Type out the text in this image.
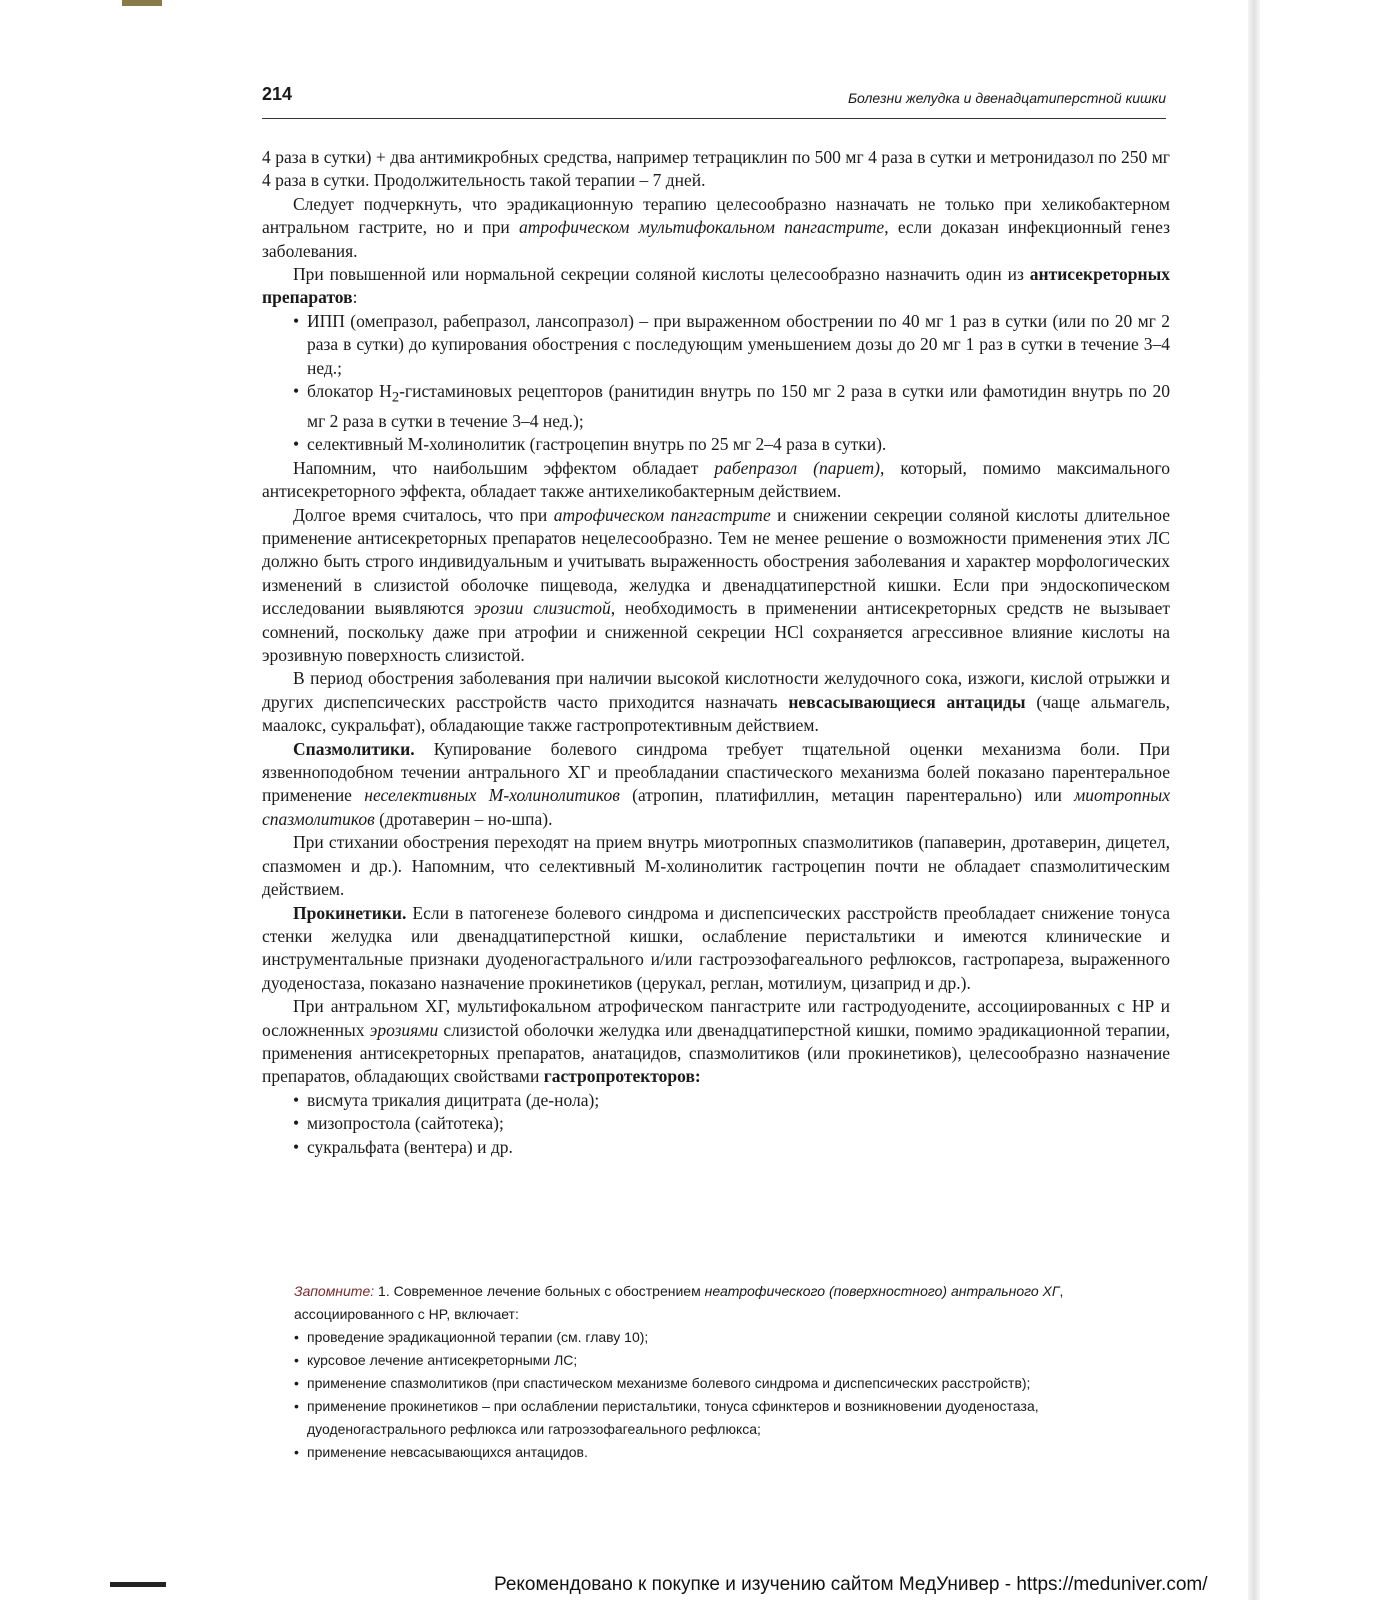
214	Болезни желудка и двенадцатиперстной кишки

4 раза в сутки) + два антимикробных средства, например тетрациклин по 500 мг 4 раза в сутки и метронидазол по 250 мг 4 раза в сутки. Продолжительность такой терапии – 7 дней.

Следует подчеркнуть, что эрадикационную терапию целесообразно назначать не только при хеликобактерном антральном гастрите, но и при атрофическом мультифокальном пангастрите, если доказан инфекционный генез заболевания.

При повышенной или нормальной секреции соляной кислоты целесообразно назначить один из антисекреторных препаратов:

• ИПП (омепразол, рабепразол, лансопразол) – при выраженном обострении по 40 мг 1 раз в сутки (или по 20 мг 2 раза в сутки) до купирования обострения с последующим уменьшением дозы до 20 мг 1 раз в сутки в течение 3–4 нед.;
• блокатор $H_2$-гистаминовых рецепторов (ранитидин внутрь по 150 мг 2 раза в сутки или фамотидин внутрь по 20 мг 2 раза в сутки в течение 3–4 нед.);
• селективный М-холинолитик (гастроцепин внутрь по 25 мг 2–4 раза в сутки).

Напомним, что наибольшим эффектом обладает рабепразол (париет), который, помимо максимального антисекреторного эффекта, обладает также антихеликобактерным действием.

Долгое время считалось, что при атрофическом пангастрите и снижении секреции соляной кислоты длительное применение антисекреторных препаратов нецелесообразно. Тем не менее решение о возможности применения этих ЛС должно быть строго индивидуальным и учитывать выраженность обострения заболевания и характер морфологических изменений в слизистой оболочке пищевода, желудка и двенадцатиперстной кишки. Если при эндоскопическом исследовании выявляются эрозии слизистой, необходимость в применении антисекреторных средств не вызывает сомнений, поскольку даже при атрофии и сниженной секреции HCl сохраняется агрессивное влияние кислоты на эрозивную поверхность слизистой.

В период обострения заболевания при наличии высокой кислотности желудочного сока, изжоги, кислой отрыжки и других диспепсических расстройств часто приходится назначать невсасывающиеся антациды (чаще альмагель, маалокс, сукральфат), обладающие также гастропротективным действием.

Спазмолитики. Купирование болевого синдрома требует тщательной оценки механизма боли. При язвенноподобном течении антрального ХГ и преобладании спастического механизма болей показано парентеральное применение неселективных М-холинолитиков (атропин, платифиллин, метацин парентерально) или миотропных спазмолитиков (дротаверин – но-шпа).

При стихании обострения переходят на прием внутрь миотропных спазмолитиков (папаверин, дротаверин, дицетел, спазмомен и др.). Напомним, что селективный М-холинолитик гастроцепин почти не обладает спазмолитическим действием.

Прокинетики. Если в патогенезе болевого синдрома и диспепсических расстройств преобладает снижение тонуса стенки желудка или двенадцатиперстной кишки, ослабление перистальтики и имеются клинические и инструментальные признаки дуоденогастрального и/или гастроэзофагеального рефлюксов, гастропареза, выраженного дуоденостаза, показано назначение прокинетиков (церукал, реглан, мотилиум, цизаприд и др.).

При антральном ХГ, мультифокальном атрофическом пангастрите или гастродуодените, ассоциированных с HP и осложненных эрозиями слизистой оболочки желудка или двенадцатиперстной кишки, помимо эрадикационной терапии, применения антисекреторных препаратов, анатацидов, спазмолитиков (или прокинетиков), целесообразно назначение препаратов, обладающих свойствами гастропротекторов:

• висмута трикалия дицитрата (де-нола);
• мизопростола (сайтотека);
• сукральфата (вентера) и др.

Запомните: 1. Современное лечение больных с обострением неатрофического (поверхностного) антрального ХГ, ассоциированного с HP, включает:

• проведение эрадикационной терапии (см. главу 10);
• курсовое лечение антисекреторными ЛС;
• применение спазмолитиков (при спастическом механизме болевого синдрома и диспепсических расстройств);
• применение прокинетиков – при ослаблении перистальтики, тонуса сфинктеров и возникновении дуоденостаза, дуоденогастрального рефлюкса или гатроэзофагеального рефлюкса;
• применение невсасывающихся антацидов.
Рекомендовано к покупке и изучению сайтом МедУнивер - https://meduniver.com/
